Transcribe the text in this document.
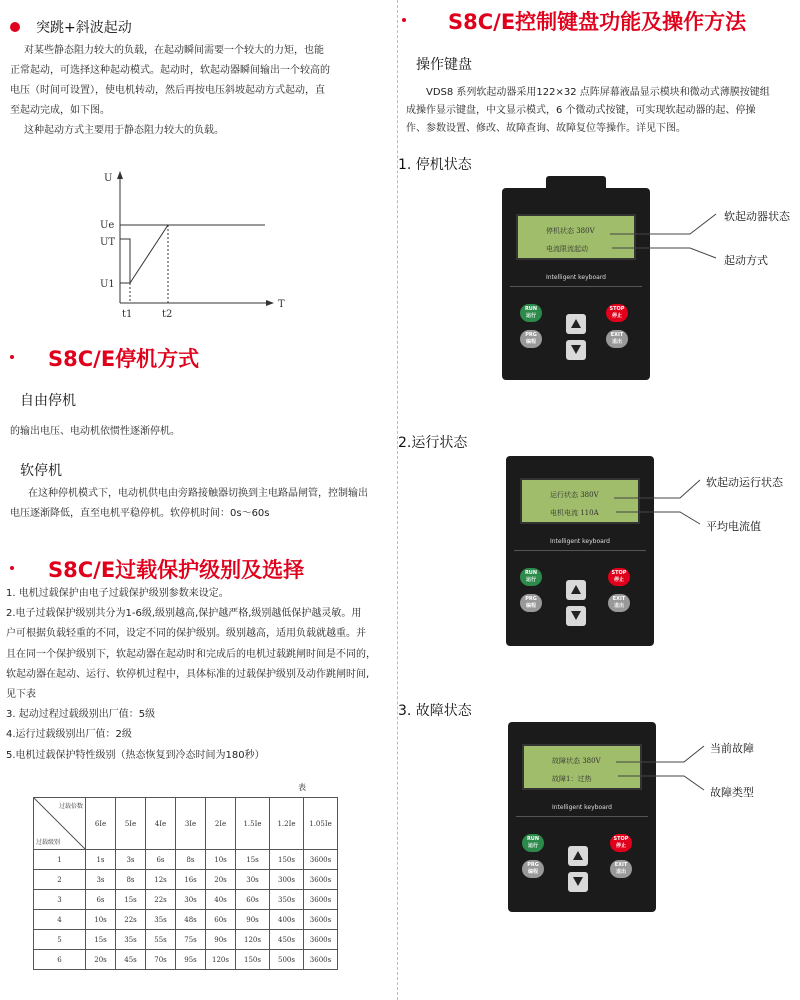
突跳+斜波起动

对某些静态阻力较大的负载，在起动瞬间需要一个较大的力矩，也能

正常起动，可选择这种起动模式。起动时，软起动器瞬间输出一个较高的

电压（时间可设置），使电机转动，然后再按电压斜坡起动方式起动，直

至起动完成，如下图。

这种起动方式主要用于静态阻力较大的负载。

U
T
Ue
UT
U1
t1	t2
S8C/E停机方式
自由停机
的输出电压、电动机依惯性逐渐停机。
软停机

在这种停机模式下，电动机供电由旁路接触器切换到主电路晶闸管，控制输出

电压逐渐降低，直至电机平稳停机。软停机时间：0s～60s

S8C/E过载保护级别及选择

1. 电机过载保护由电子过载保护级别参数来设定。

2.电子过载保护级别共分为1-6级,级别越高,保护越严格,级别越低保护越灵敏。用

户可根据负载轻重的不同，设定不同的保护级别。级别越高，适用负载就越重。并

且在同一个保护级别下，软起动器在起动时和完成后的电机过载跳闸时间是不同的，

软起动器在起动、运行、软停机过程中，具体标准的过载保护级别及动作跳闸时间,

见下表

3. 起动过程过载级别出厂值：5级

4.运行过载级别出厂值：2级

5.电机过载保护特性级别（热态恢复到冷态时间为180秒）

表
过载倍数
过载级别	6Ie	5Ie	4Ie	3Ie	2Ie	1.5Ie	1.2Ie	1.05Ie
1	1s	3s	6s	8s	10s	15s	150s	3600s
2	3s	8s	12s	16s	20s	30s	300s	3600s
3	6s	15s	22s	30s	40s	60s	350s	3600s
4	10s	22s	35s	48s	60s	90s	400s	3600s
5	15s	35s	55s	75s	90s	120s	450s	3600s
6	20s	45s	70s	95s	120s	150s	500s	3600s
S8C/E控制键盘功能及操作方法
操作键盘

VDS8 系列软起动器采用122×32 点阵屏幕液晶显示模块和微动式薄膜按键组

成操作显示键盘，中文显示模式，6 个微动式按键，可实现软起动器的起、停操

作、参数设置、修改、故障查询、故障复位等操作。详见下图。

1. 停机状态
停机状态 380V
电流限流起动
Intelligent keyboard
RUN
运行
PRG
编程
STOP
停止
EXIT
退出
软起动器状态
起动方式
2.运行状态
运行状态 380V
电机电流 110A
Intelligent keyboard
RUN
运行
PRG
编程
STOP
停止
EXIT
退出
软起动运行状态
平均电流值
3. 故障状态
故障状态 380V
故障1：过热
Intelligent keyboard
RUN
运行
PRG
编程
STOP
停止
EXIT
退出
当前故障
故障类型
